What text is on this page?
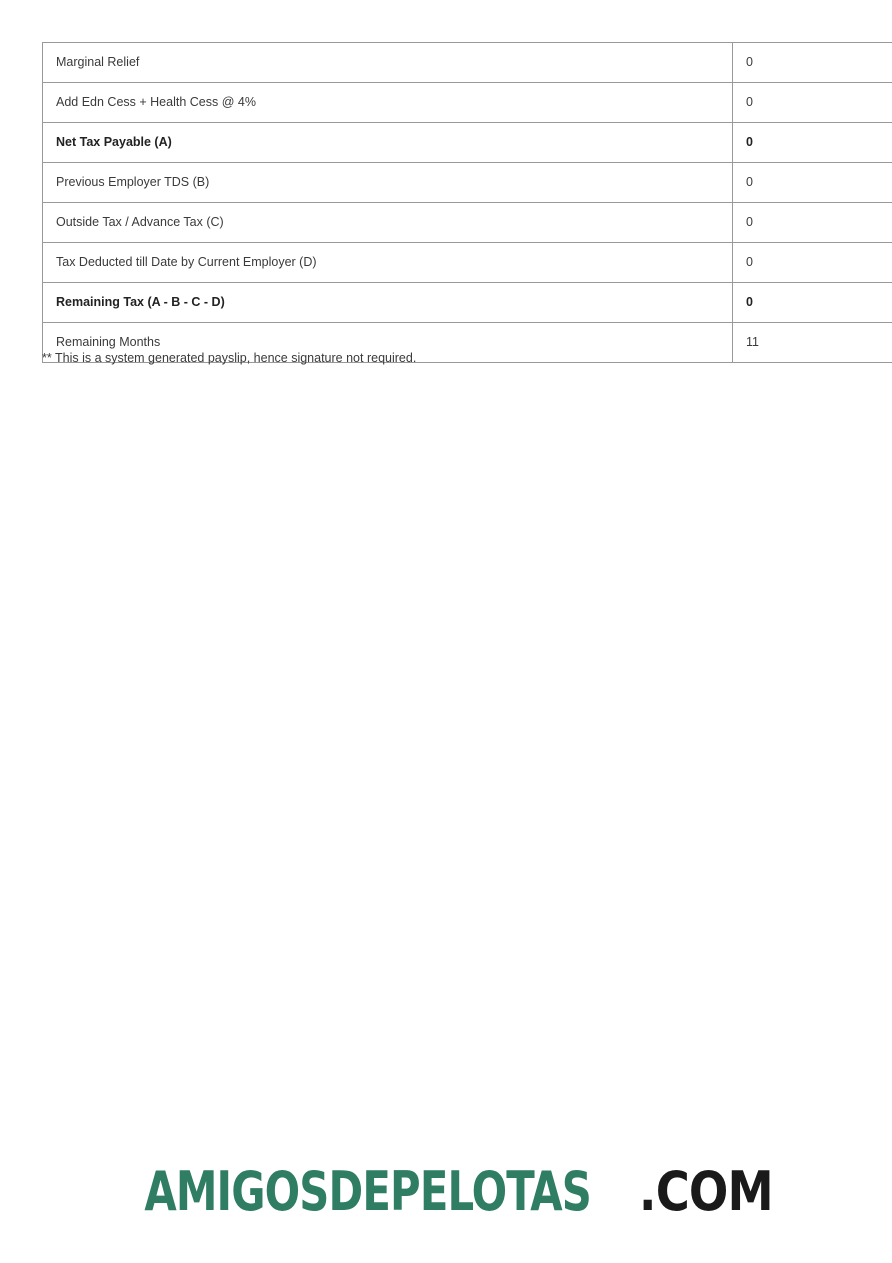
Marginal Relief	0
Add Edn Cess + Health Cess @ 4%	0
Net Tax Payable (A)	0
Previous Employer TDS (B)	0
Outside Tax / Advance Tax (C)	0
Tax Deducted till Date by Current Employer (D)	0
Remaining Tax (A - B - C - D)	0
Remaining Months	11
** This is a system generated payslip, hence signature not required.
AMIGOSDEPELOTAS .COM
